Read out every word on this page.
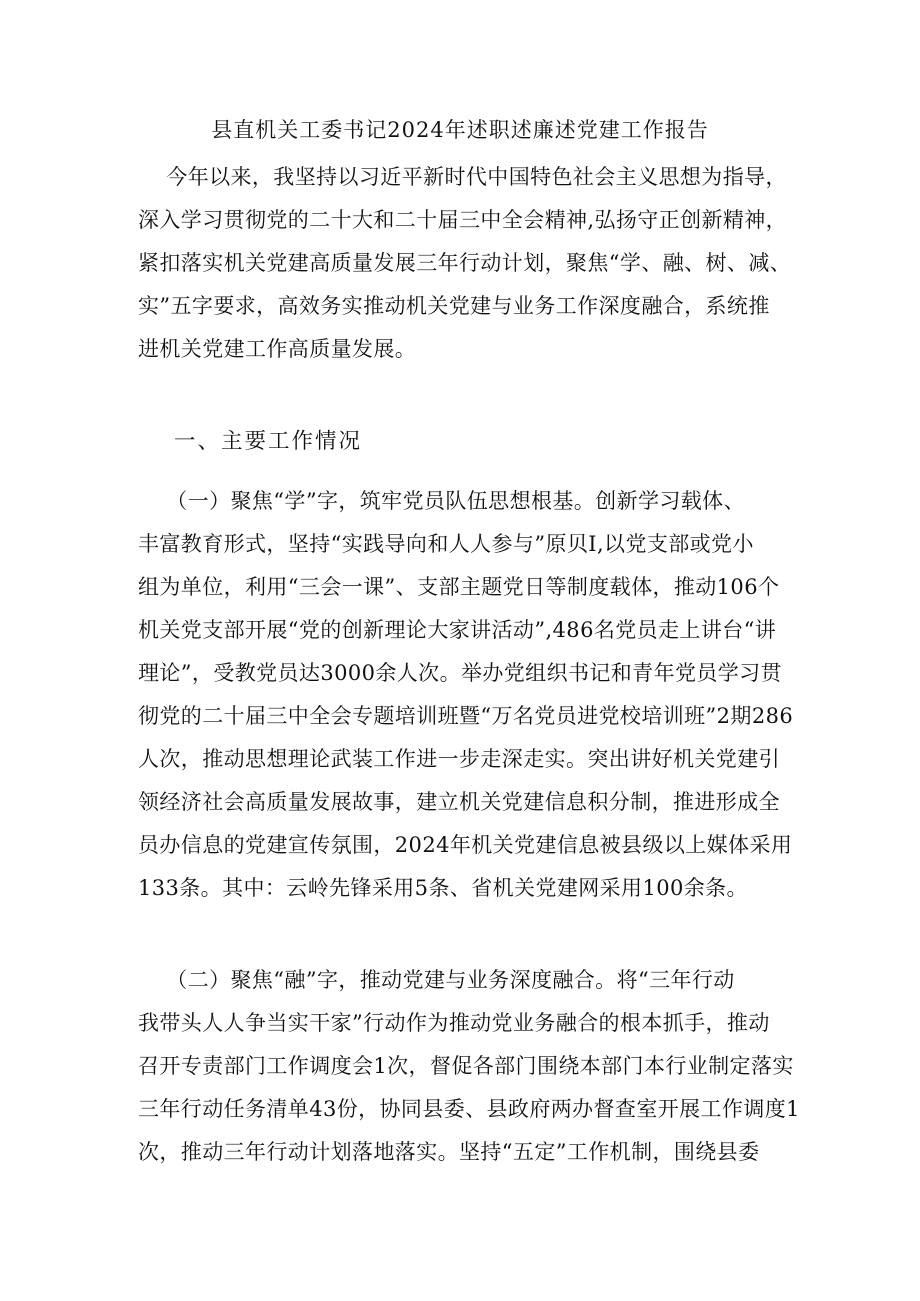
县直机关工委书记2024年述职述廉述党建工作报告
今年以来，我坚持以习近平新时代中国特色社会主义思想为指导，
深入学习贯彻党的二十大和二十届三中全会精神,弘扬守正创新精神，
紧扣落实机关党建高质量发展三年行动计划，聚焦“学、融、树、减、
实”五字要求，高效务实推动机关党建与业务工作深度融合，系统推
进机关党建工作高质量发展。
一、主要工作情况
（一）聚焦“学”字，筑牢党员队伍思想根基。创新学习载体、
丰富教育形式，坚持“实践导向和人人参与”原贝I,以党支部或党小
组为单位，利用“三会一课”、支部主题党日等制度载体，推动106个
机关党支部开展“党的创新理论大家讲活动”,486名党员走上讲台“讲
理论”，受教党员达3000余人次。举办党组织书记和青年党员学习贯
彻党的二十届三中全会专题培训班暨“万名党员进党校培训班”2期286
人次，推动思想理论武装工作进一步走深走实。突出讲好机关党建引
领经济社会高质量发展故事，建立机关党建信息积分制，推进形成全
员办信息的党建宣传氛围，2024年机关党建信息被县级以上媒体采用
133条。其中：云岭先锋采用5条、省机关党建网采用100余条。
（二）聚焦“融”字，推动党建与业务深度融合。将“三年行动
我带头人人争当实干家”行动作为推动党业务融合的根本抓手，推动
召开专责部门工作调度会1次，督促各部门围绕本部门本行业制定落实
三年行动任务清单43份，协同县委、县政府两办督查室开展工作调度1
次，推动三年行动计划落地落实。坚持“五定”工作机制，围绕县委
